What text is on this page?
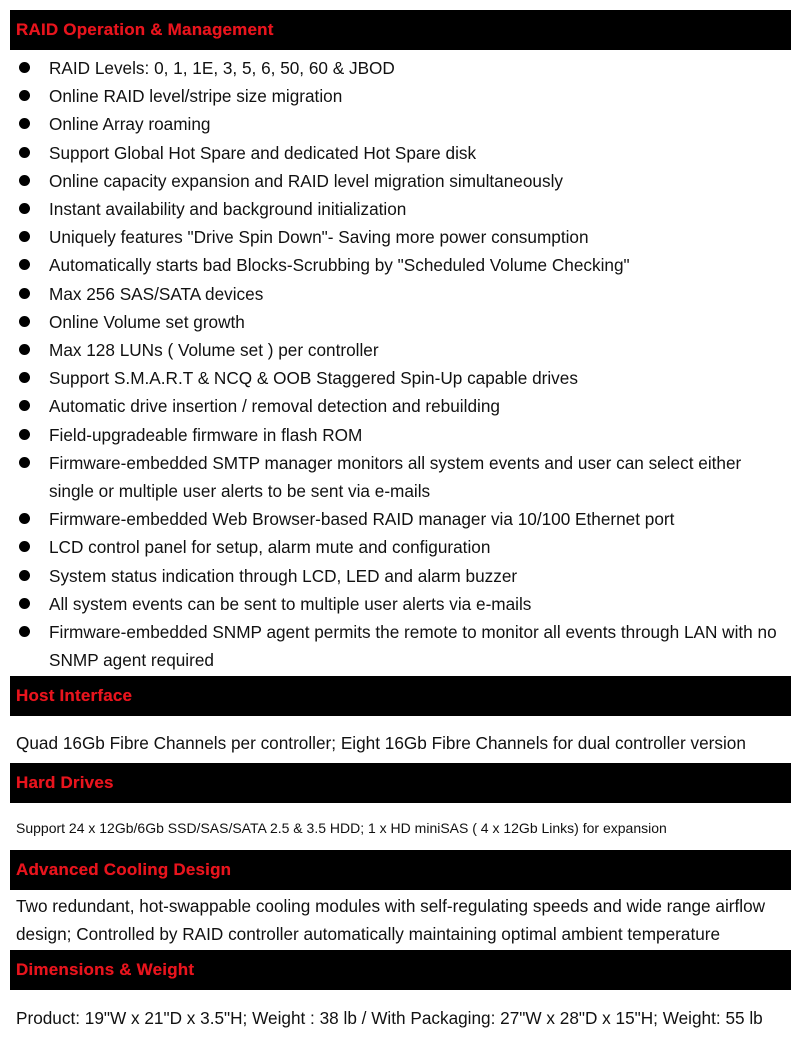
RAID Operation & Management
RAID Levels: 0, 1, 1E, 3, 5, 6, 50, 60 & JBOD
Online RAID level/stripe size migration
Online Array roaming
Support Global Hot Spare and dedicated Hot Spare disk
Online capacity expansion and RAID level migration simultaneously
Instant availability and background initialization
Uniquely features "Drive Spin Down"- Saving more power consumption
Automatically starts bad Blocks-Scrubbing by "Scheduled Volume Checking"
Max 256 SAS/SATA devices
Online Volume set growth
Max 128 LUNs ( Volume set ) per controller
Support S.M.A.R.T & NCQ & OOB Staggered Spin-Up capable drives
Automatic drive insertion / removal detection and rebuilding
Field-upgradeable firmware in flash ROM
Firmware-embedded SMTP manager monitors all system events and user can select either single or multiple user alerts to be sent via e-mails
Firmware-embedded Web Browser-based RAID manager via 10/100 Ethernet port
LCD control panel for setup, alarm mute and configuration
System status indication through LCD, LED and alarm buzzer
All system events can be sent to multiple user alerts via e-mails
Firmware-embedded SNMP agent permits the remote to monitor all events through LAN with no SNMP agent required
Host Interface
Quad 16Gb Fibre Channels per controller; Eight 16Gb Fibre Channels for dual controller version
Hard Drives
Support 24 x 12Gb/6Gb SSD/SAS/SATA 2.5 & 3.5 HDD; 1 x HD miniSAS ( 4 x 12Gb Links) for expansion
Advanced Cooling Design
Two redundant, hot-swappable cooling modules with self-regulating speeds and wide range airflow design; Controlled by RAID controller automatically maintaining optimal ambient temperature
Dimensions & Weight
Product: 19"W x 21"D x 3.5"H; Weight : 38 lb / With Packaging: 27"W x 28"D x 15"H; Weight: 55 lb
